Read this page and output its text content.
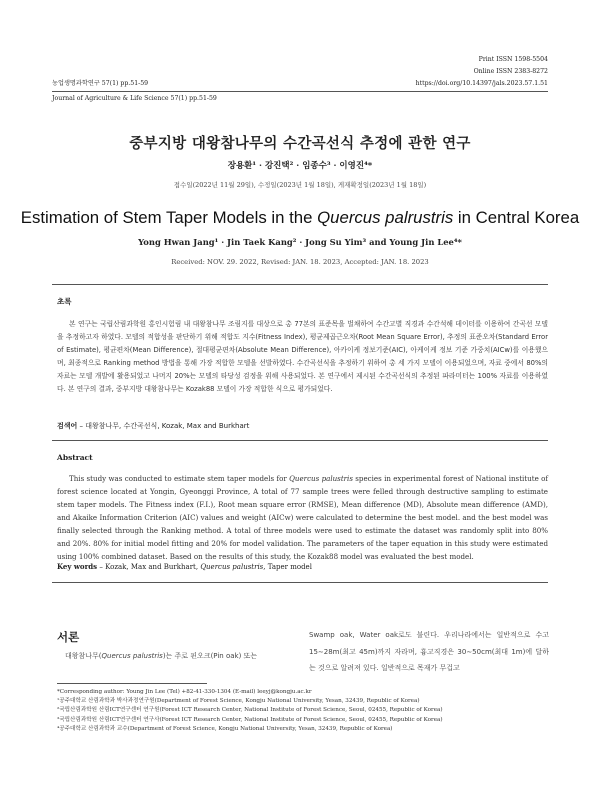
Print ISSN 1598-5504
Online ISSN 2383-8272
농업생명과학연구 57(1) pp.51-59	https://doi.org/10.14397/jals.2023.57.1.51
Journal of Agriculture & Life Science 57(1) pp.51-59
중부지방 대왕참나무의 수간곡선식 추정에 관한 연구
장용환¹ · 강진택² · 임종수³ · 이영진⁴*
접수일(2022년 11월 29일), 수정일(2023년 1월 18일), 게재확정일(2023년 1월 18일)
Estimation of Stem Taper Models in the Quercus palrustris in Central Korea
Yong Hwan Jang¹ · Jin Taek Kang² · Jong Su Yim³ and Young Jin Lee⁴*
Received: NOV. 29. 2022, Revised: JAN. 18. 2023, Accepted: JAN. 18. 2023
초록
본 연구는 국립산림과학원 홍인시험림 내 대왕참나무 조림지를 대상으로 총 77본의 표준목을 벌채하여 수간고별 직경과 수간석해 데이터를 이용하여 간곡선 모델을 추정하고자 하였다. 모델의 적합성을 판단하기 위해 적합도 지수(Fitness Index), 평균제곱근오차(Root Mean Square Error), 추정의 표준오차(Standard Error of Estimate), 평균편차(Mean Difference), 절대평균편차(Absolute Mean Difference), 아카이케 정보기준(AIC), 아케이케 정보 기준 가중치(AICw)를 이용했으며, 최종적으로 Ranking method 방법을 통해 가장 적합한 모델을 선발하였다. 수간곡선식을 추정하기 위하여 총 세 가지 모델이 이용되었으며, 자료 중에서 80%의 자료는 모델 개발에 활용되었고 나머지 20%는 모델의 타당성 검정을 위해 사용되었다. 본 연구에서 제시된 수간곡선식의 추정된 파라미터는 100% 자료를 이용하였다. 본 연구의 결과, 중부지방 대왕참나무는 Kozak88 모델이 가장 적합한 식으로 평가되었다.
검색어 – 대왕참나무, 수간곡선식, Kozak, Max and Burkhart
Abstract
This study was conducted to estimate stem taper models for Quercus palustris species in experimental forest of National institute of forest science located at Yongin, Gyeonggi Province, A total of 77 sample trees were felled through destructive sampling to estimate stem taper models. The Fitness index (F.I.), Root mean square error (RMSE), Mean difference (MD), Absolute mean difference (AMD), and Akaike Information Criterion (AIC) values and weight (AICw) were calculated to determine the best model. and the best model was finally selected through the Ranking method. A total of three models were used to estimate the dataset was randomly split into 80% and 20%. 80% for initial model fitting and 20% for model validation. The parameters of the taper equation in this study were estimated using 100% combined dataset. Based on the results of this study, the Kozak88 model was evaluated the best model.
Key words – Kozak, Max and Burkhart, Quercus palustris, Taper model
서론
대왕참나무(Quercus palustris)는 주로 핀오크(Pin oak) 또는
Swamp oak, Water oak로도 불린다. 우리나라에서는 일반적으로 수고 15∼28m(최고 45m)까지 자라며, 흉고직경은 30∼50cm(최대 1m)에 달하는 것으로 알려져 있다. 일반적으로 목재가 무겁고
*Corresponding author: Young Jin Lee (Tel) +82-41-330-1304 (E-mail) leeyj@kongju.ac.kr
¹공주대학교 산림과학과 박사과정연구원(Department of Forest Science, Kongju National University, Yesan, 32439, Republic of Korea)
²국립산림과학원 산림ICT연구센터 연구원(Forest ICT Research Center, National Institute of Forest Science, Seoul, 02455, Republic of Korea)
³국립산림과학원 산림ICT연구센터 연구사(Forest ICT Research Center, National Institute of Forest Science, Seoul, 02455, Republic of Korea)
⁴공주대학교 산림과학과 교수(Department of Forest Science, Kongju National University, Yesan, 32439, Republic of Korea)
